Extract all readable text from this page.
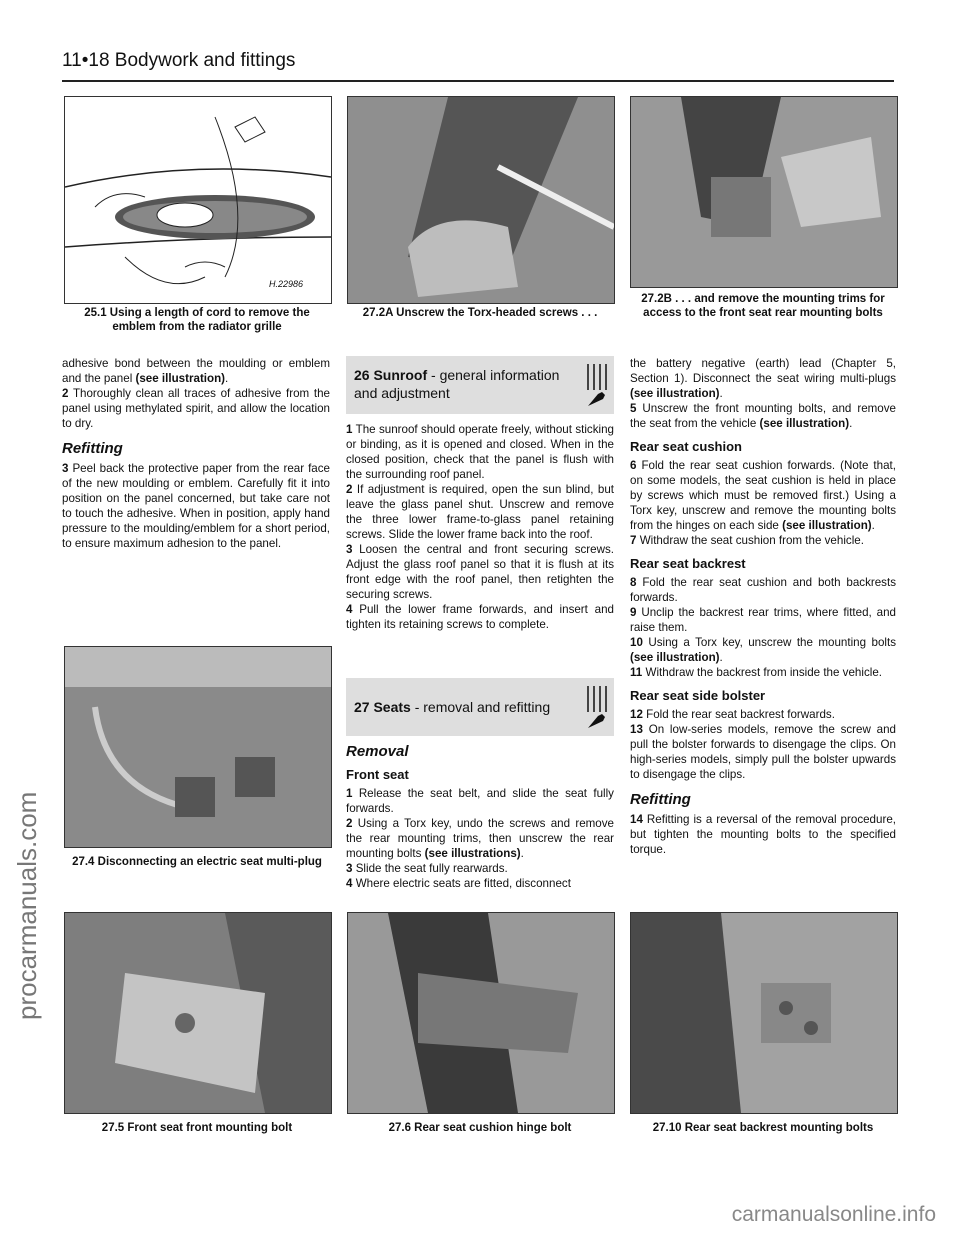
11•18 Bodywork and fittings
H.22986
25.1 Using a length of cord to remove the emblem from the radiator grille
27.2A Unscrew the Torx-headed screws . . .
27.2B . . . and remove the mounting trims for access to the front seat rear mounting bolts

adhesive bond between the moulding or emblem and the panel (see illustration).

2 Thoroughly clean all traces of adhesive from the panel using methylated spirit, and allow the location to dry.

Refitting

3 Peel back the protective paper from the rear face of the new moulding or emblem. Carefully fit it into position on the panel concerned, but take care not to touch the adhesive. When in position, apply hand pressure to the moulding/emblem for a short period, to ensure maximum adhesion to the panel.

27.4 Disconnecting an electric seat multi-plug
26 Sunroof - general information and adjustment

1 The sunroof should operate freely, without sticking or binding, as it is opened and closed. When in the closed position, check that the panel is flush with the surrounding roof panel.

2 If adjustment is required, open the sun blind, but leave the glass panel shut. Unscrew and remove the three lower frame-to-glass panel retaining screws. Slide the lower frame back into the roof.

3 Loosen the central and front securing screws. Adjust the glass roof panel so that it is flush at its front edge with the roof panel, then retighten the securing screws.

4 Pull the lower frame forwards, and insert and tighten its retaining screws to complete.

27 Seats - removal and refitting
Removal
Front seat

1 Release the seat belt, and slide the seat fully forwards.

2 Using a Torx key, undo the screws and remove the rear mounting trims, then unscrew the rear mounting bolts (see illustrations).

3 Slide the seat fully rearwards.

4 Where electric seats are fitted, disconnect

the battery negative (earth) lead (Chapter 5, Section 1). Disconnect the seat wiring multi-plugs (see illustration).

5 Unscrew the front mounting bolts, and remove the seat from the vehicle (see illustration).

Rear seat cushion

6 Fold the rear seat cushion forwards. (Note that, on some models, the seat cushion is held in place by screws which must be removed first.) Using a Torx key, unscrew and remove the mounting bolts from the hinges on each side (see illustration).

7 Withdraw the seat cushion from the vehicle.

Rear seat backrest

8 Fold the rear seat cushion and both backrests forwards.

9 Unclip the backrest rear trims, where fitted, and raise them.

10 Using a Torx key, unscrew the mounting bolts (see illustration).

11 Withdraw the backrest from inside the vehicle.

Rear seat side bolster

12 Fold the rear seat backrest forwards.

13 On low-series models, remove the screw and pull the bolster forwards to disengage the clips. On high-series models, simply pull the bolster upwards to disengage the clips.

Refitting

14 Refitting is a reversal of the removal procedure, but tighten the mounting bolts to the specified torque.

27.5 Front seat front mounting bolt	27.6 Rear seat cushion hinge bolt	27.10 Rear seat backrest mounting bolts
procarmanuals.com
carmanualsonline.info
